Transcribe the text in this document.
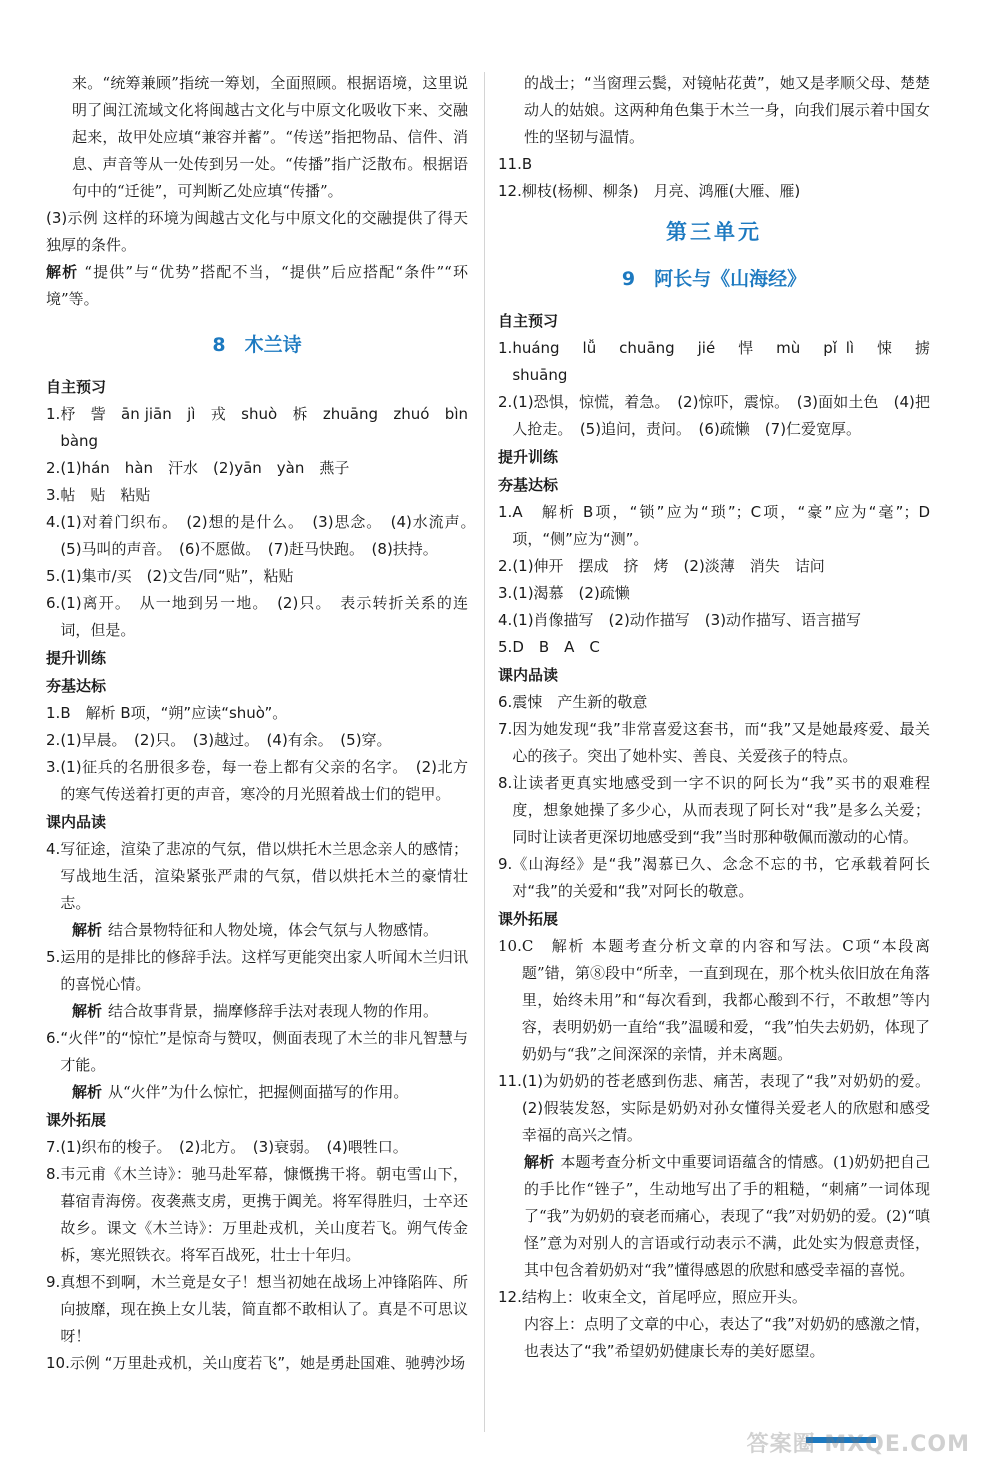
来。“统筹兼顾”指统一筹划，全面照顾。根据语境，这里说明了闽江流域文化将闽越古文化与中原文化吸收下来、交融起来，故甲处应填“兼容并蓄”。“传送”指把物品、信件、消息、声音等从一处传到另一处。“传播”指广泛散布。根据语句中的“迁徙”，可判断乙处应填“传播”。

(3)示例 这样的环境为闽越古文化与中原文化的交融提供了得天独厚的条件。

解析 “提供”与“优势”搭配不当，“提供”后应搭配“条件”“环境”等。

8　木兰诗
自主预习
1. 杼　訾　ān jiān　jì　戎　shuò　柝　zhuāng　zhuó　bìn　bàng
2. (1)hán　hàn　汗水　(2)yān　yàn　燕子
3. 帖　贴　粘贴
4. (1)对着门织布。　(2)想的是什么。　(3)思念。　(4)水流声。　(5)马叫的声音。　(6)不愿做。　(7)赶马快跑。　(8)扶持。
5. (1)集市/买　(2)文告/同“贴”，粘贴
6. (1)离开。　从一地到另一地。　(2)只。　表示转折关系的连词，但是。
提升训练
夯基达标
1. B　解析 B项，“朔”应读“shuò”。
2. (1)早晨。　(2)只。　(3)越过。　(4)有余。　(5)穿。
3. (1)征兵的名册很多卷，每一卷上都有父亲的名字。　(2)北方的寒气传送着打更的声音，寒冷的月光照着战士们的铠甲。
课内品读
4. 写征途，渲染了悲凉的气氛，借以烘托木兰思念亲人的感情；写战地生活，渲染紧张严肃的气氛，借以烘托木兰的豪情壮志。

解析 结合景物特征和人物处境，体会气氛与人物感情。

5. 运用的是排比的修辞手法。这样写更能突出家人听闻木兰归讯的喜悦心情。

解析 结合故事背景，揣摩修辞手法对表现人物的作用。

6. “火伴”的“惊忙”是惊奇与赞叹，侧面表现了木兰的非凡智慧与才能。

解析 从“火伴”为什么惊忙，把握侧面描写的作用。

课外拓展
7. (1)织布的梭子。　(2)北方。　(3)衰弱。　(4)喂牲口。
8. 韦元甫《木兰诗》：驰马赴军幕，慷慨携干将。朝屯雪山下，暮宿青海傍。夜袭燕支虏，更携于阗羌。将军得胜归，士卒还故乡。课文《木兰诗》：万里赴戎机，关山度若飞。朔气传金柝，寒光照铁衣。将军百战死，壮士十年归。
9. 真想不到啊，木兰竟是女子！想当初她在战场上冲锋陷阵、所向披靡，现在换上女儿装，简直都不敢相认了。真是不可思议呀！
10. 示例 “万里赴戎机，关山度若飞”，她是勇赴国难、驰骋沙场

的战士；“当窗理云鬓，对镜帖花黄”，她又是孝顺父母、楚楚动人的姑娘。这两种角色集于木兰一身，向我们展示着中国女性的坚韧与温情。

11. B
12. 柳枝(杨柳、柳条)　月亮、鸿雁(大雁、雁)
第三单元
9　阿长与《山海经》
自主预习
1. huáng　lǚ　chuāng　jié　悍　mù　pǐ lì　悚　掳　shuāng
2. (1)恐惧，惊慌，着急。　(2)惊吓，震惊。　(3)面如土色　(4)把人抢走。　(5)追问，责问。　(6)疏懒　(7)仁爱宽厚。
提升训练
夯基达标
1. A　解析 B项，“锁”应为“琐”；C项，“豪”应为“毫”；D项，“侧”应为“测”。
2. (1)伸开　摆成　挤　烤　(2)淡薄　消失　诘问
3. (1)渴慕　(2)疏懒
4. (1)肖像描写　(2)动作描写　(3)动作描写、语言描写
5. D　B　A　C
课内品读
6. 震悚　产生新的敬意
7. 因为她发现“我”非常喜爱这套书，而“我”又是她最疼爱、最关心的孩子。突出了她朴实、善良、关爱孩子的特点。
8. 让读者更真实地感受到一字不识的阿长为“我”买书的艰难程度，想象她操了多少心，从而表现了阿长对“我”是多么关爱；同时让读者更深切地感受到“我”当时那种敬佩而激动的心情。
9. 《山海经》是“我”渴慕已久、念念不忘的书，它承载着阿长对“我”的关爱和“我”对阿长的敬意。
课外拓展
10. C　解析 本题考查分析文章的内容和写法。C项“本段离题”错，第⑧段中“所幸，一直到现在，那个枕头依旧放在角落里，始终未用”和“每次看到，我都心酸到不行，不敢想”等内容，表明奶奶一直给“我”温暖和爱，“我”怕失去奶奶，体现了奶奶与“我”之间深深的亲情，并未离题。
11. (1)为奶奶的苍老感到伤悲、痛苦，表现了“我”对奶奶的爱。(2)假装发怒，实际是奶奶对孙女懂得关爱老人的欣慰和感受幸福的高兴之情。

解析 本题考查分析文中重要词语蕴含的情感。(1)奶奶把自己的手比作“锉子”，生动地写出了手的粗糙，“刺痛”一词体现了“我”为奶奶的衰老而痛心，表现了“我”对奶奶的爱。(2)“嗔怪”意为对别人的言语或行动表示不满，此处实为假意责怪，其中包含着奶奶对“我”懂得感恩的欣慰和感受幸福的喜悦。

12. 结构上：收束全文，首尾呼应，照应开头。

内容上：点明了文章的中心，表达了“我”对奶奶的感激之情，也表达了“我”希望奶奶健康长寿的美好愿望。

答案圈 MXQE.COM
